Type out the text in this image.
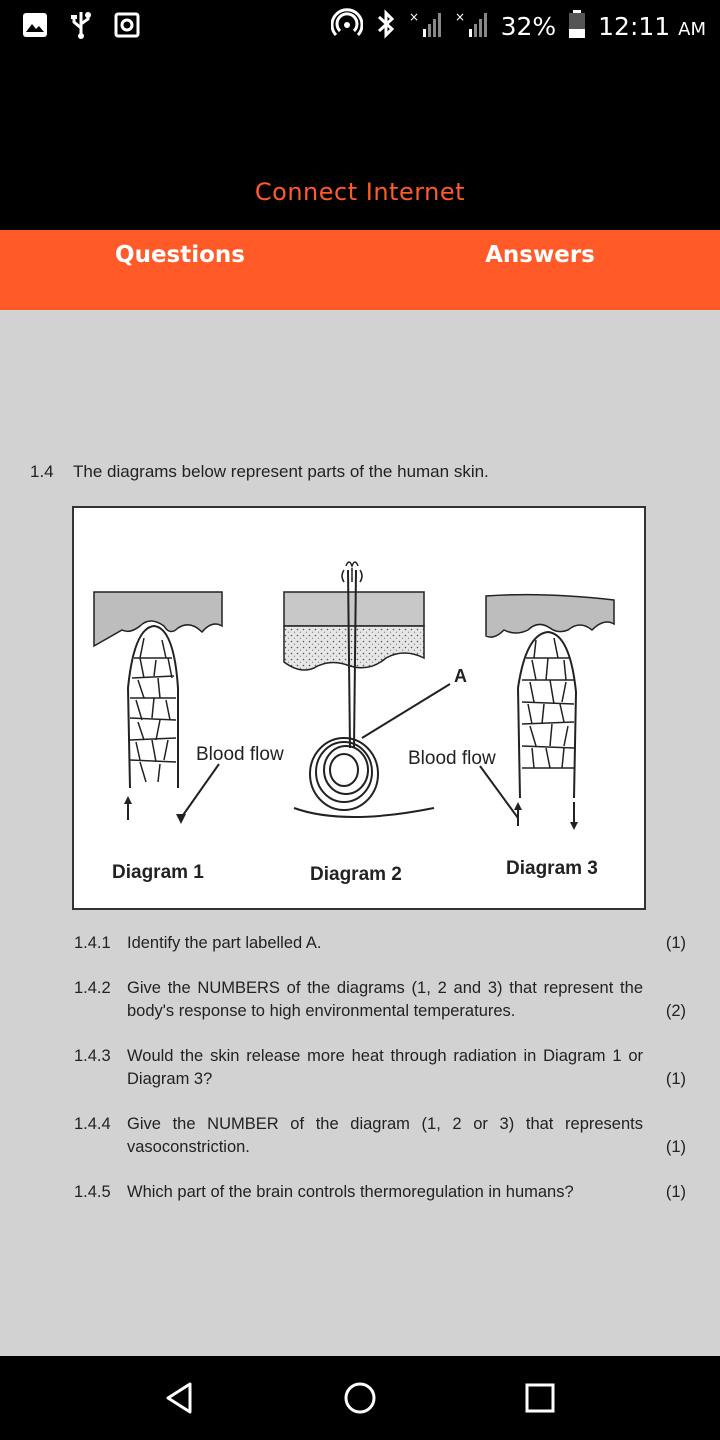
×	× 32% 12:11 AM
Connect Internet
Questions	Answers
1.4	The diagrams below represent parts of the human skin.
Blood flow	Blood flow
A
Diagram 1	Diagram 2	Diagram 3
1.4.1 Identify the part labelled A.	(1)
1.4.2 Give the NUMBERS of the diagrams (1, 2 and 3) that represent the body's response to high environmental temperatures.	(2)
1.4.3 Would the skin release more heat through radiation in Diagram 1 or Diagram 3?	(1)
1.4.4 Give the NUMBER of the diagram (1, 2 or 3) that represents vasoconstriction.	(1)
1.4.5 Which part of the brain controls thermoregulation in humans?	(1)
